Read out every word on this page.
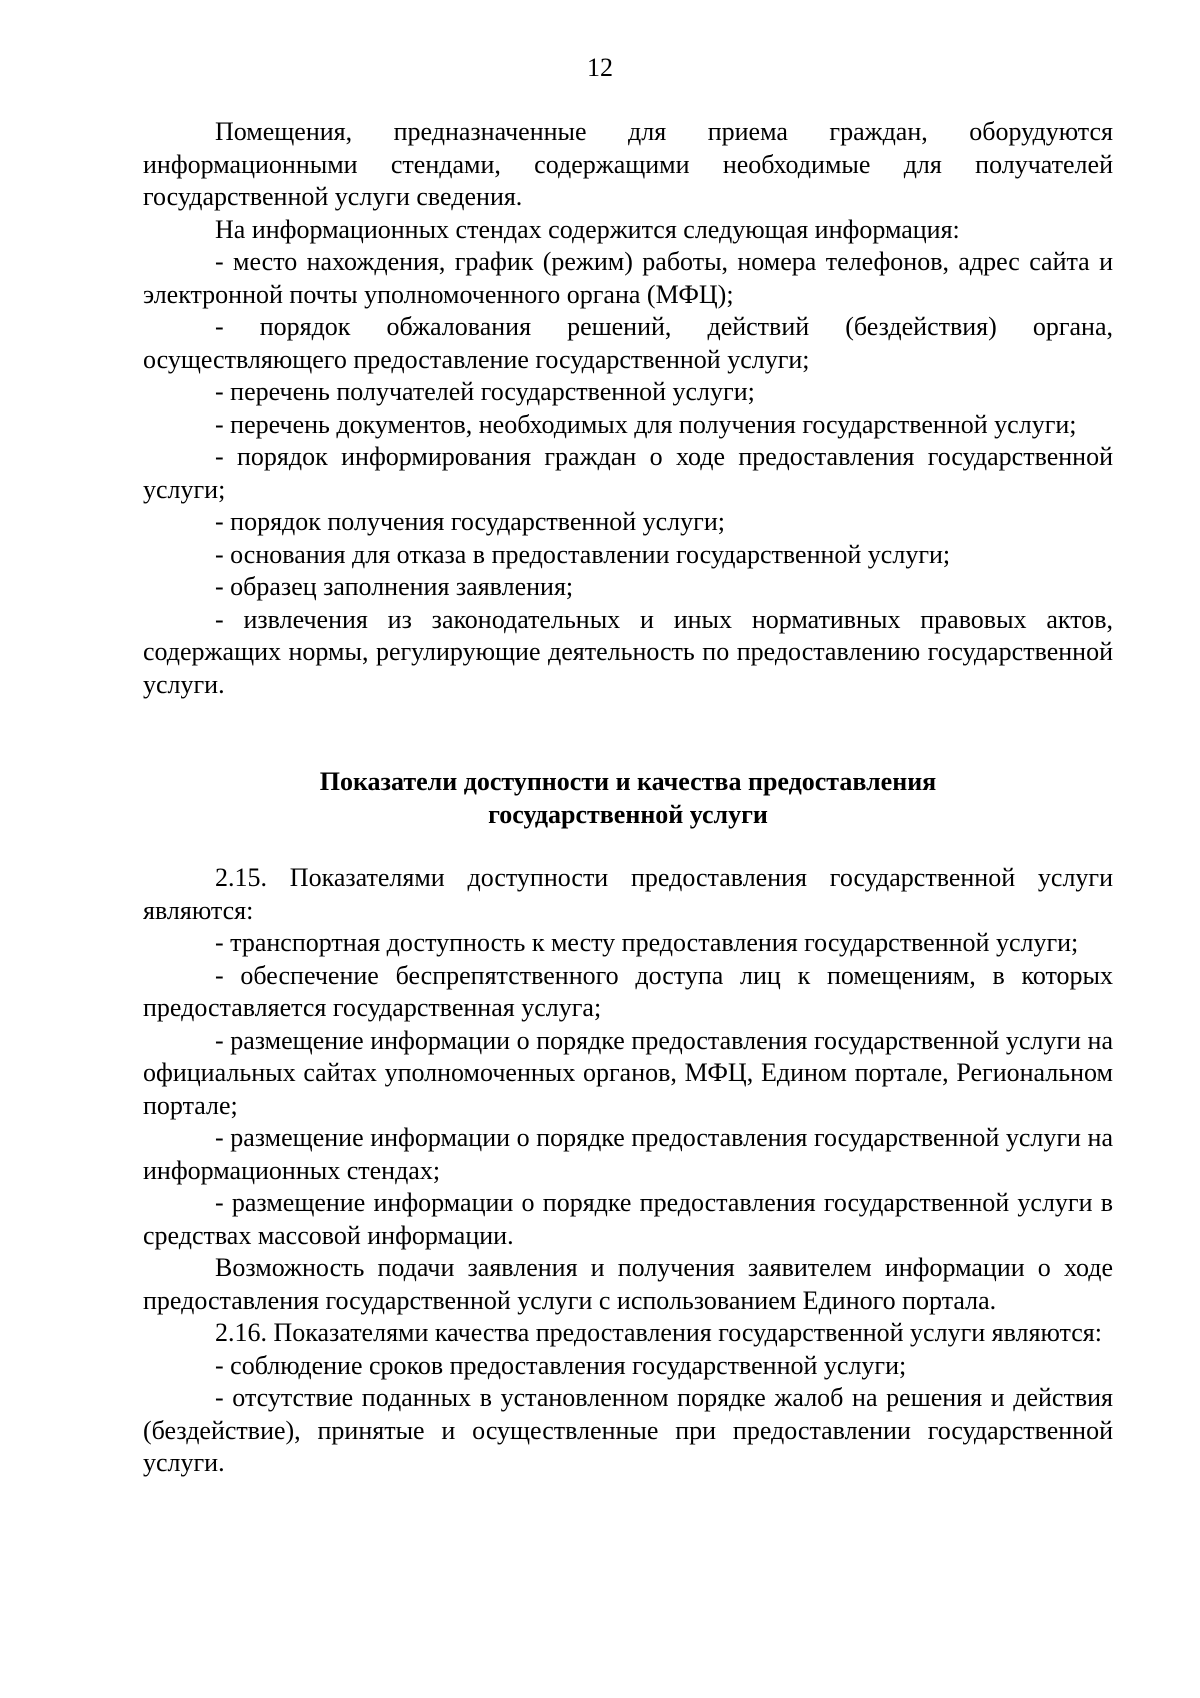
12

Помещения, предназначенные для приема граждан, оборудуются информационными стендами, содержащими необходимые для получателей государственной услуги сведения.

На информационных стендах содержится следующая информация:

- место нахождения, график (режим) работы, номера телефонов, адрес сайта и электронной почты уполномоченного органа (МФЦ);

- порядок обжалования решений, действий (бездействия) органа, осуществляющего предоставление государственной услуги;

- перечень получателей государственной услуги;

- перечень документов, необходимых для получения государственной услуги;

- порядок информирования граждан о ходе предоставления государственной услуги;

- порядок получения государственной услуги;

- основания для отказа в предоставлении государственной услуги;

- образец заполнения заявления;

- извлечения из законодательных и иных нормативных правовых актов, содержащих нормы, регулирующие деятельность по предоставлению государственной услуги.

Показатели доступности и качества предоставления
государственной услуги

2.15. Показателями доступности предоставления государственной услуги являются:

- транспортная доступность к месту предоставления государственной услуги;

- обеспечение беспрепятственного доступа лиц к помещениям, в которых предоставляется государственная услуга;

- размещение информации о порядке предоставления государственной услуги на официальных сайтах уполномоченных органов, МФЦ, Едином портале, Региональном портале;

- размещение информации о порядке предоставления государственной услуги на информационных стендах;

- размещение информации о порядке предоставления государственной услуги в средствах массовой информации.

Возможность подачи заявления и получения заявителем информации о ходе предоставления государственной услуги с использованием Единого портала.

2.16. Показателями качества предоставления государственной услуги являются:

- соблюдение сроков предоставления государственной услуги;

- отсутствие поданных в установленном порядке жалоб на решения и действия (бездействие), принятые и осуществленные при предоставлении государственной услуги.
